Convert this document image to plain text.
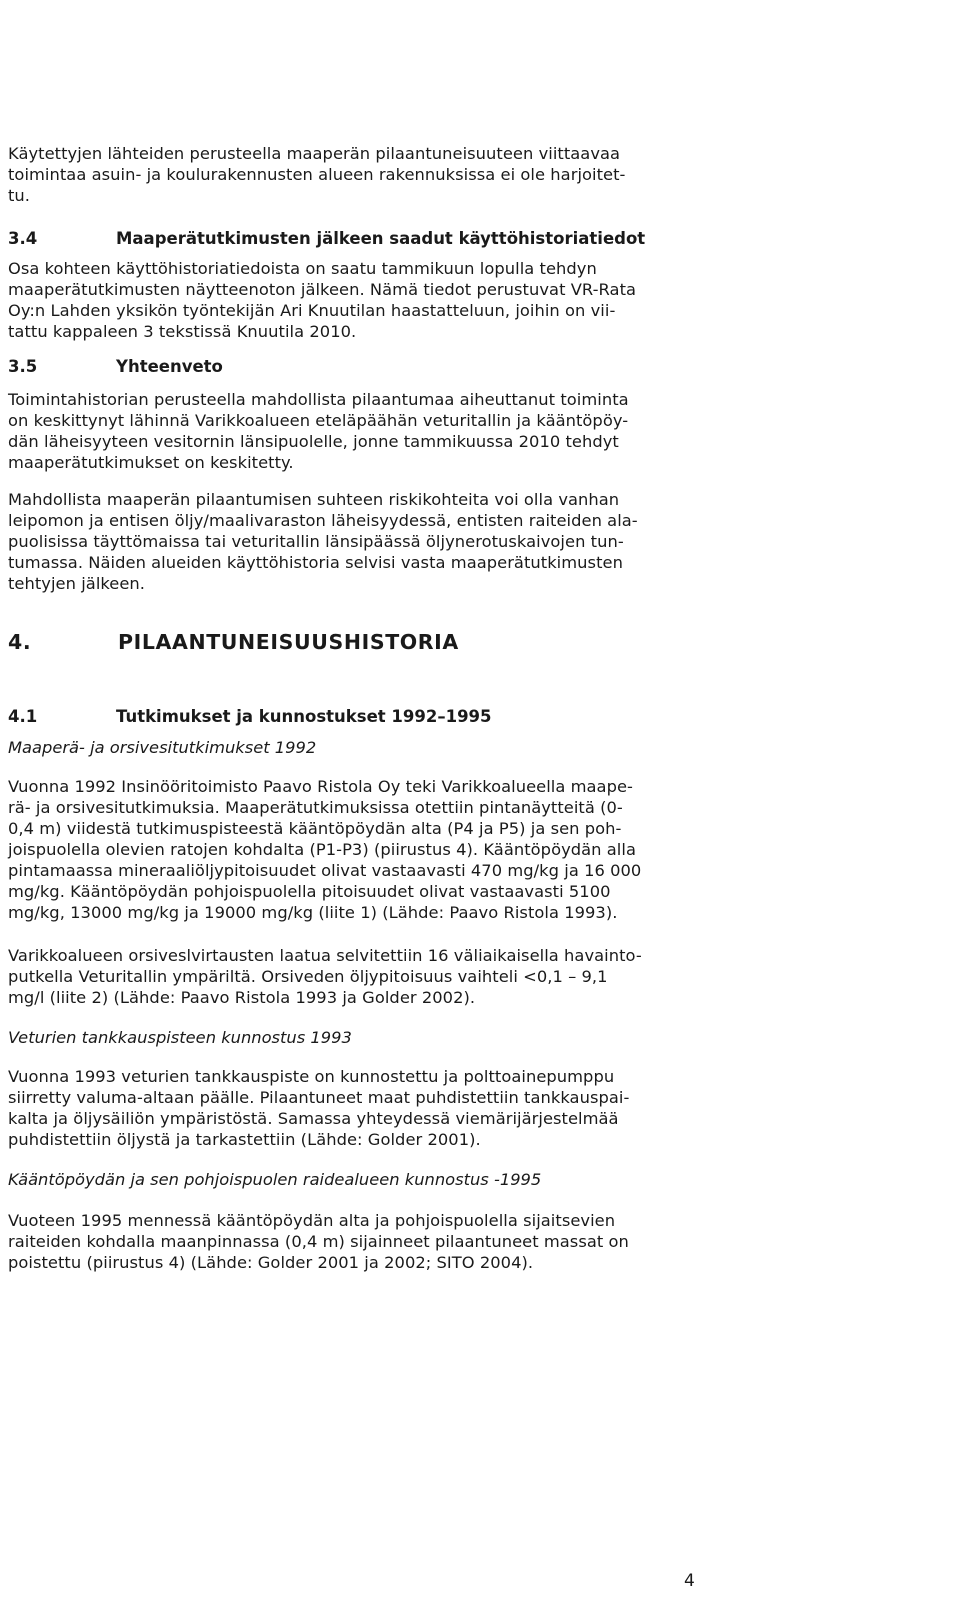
Käytettyjen lähteiden perusteella maaperän pilaantuneisuuteen viittaavaa
toimintaa asuin- ja koulurakennusten alueen rakennuksissa ei ole harjoitet-
tu.
3.4	Maaperätutkimusten jälkeen saadut käyttöhistoriatiedot
Osa kohteen käyttöhistoriatiedoista on saatu tammikuun lopulla tehdyn
maaperätutkimusten näytteenoton jälkeen. Nämä tiedot perustuvat VR-Rata
Oy:n Lahden yksikön työntekijän Ari Knuutilan haastatteluun, joihin on vii-
tattu kappaleen 3 tekstissä Knuutila 2010.
3.5	Yhteenveto
Toimintahistorian perusteella mahdollista pilaantumaa aiheuttanut toiminta
on keskittynyt lähinnä Varikkoalueen eteläpäähän veturitallin ja kääntöpöy-
dän läheisyyteen vesitornin länsipuolelle, jonne tammikuussa 2010 tehdyt
maaperätutkimukset on keskitetty.
Mahdollista maaperän pilaantumisen suhteen riskikohteita voi olla vanhan
leipomon ja entisen öljy/maalivaraston läheisyydessä, entisten raiteiden ala-
puolisissa täyttömaissa tai veturitallin länsipäässä öljynerotuskaivojen tun-
tumassa. Näiden alueiden käyttöhistoria selvisi vasta maaperätutkimusten
tehtyjen jälkeen.
4.	PILAANTUNEISUUSHISTORIA
4.1	Tutkimukset ja kunnostukset 1992–1995
Maaperä- ja orsivesitutkimukset 1992
Vuonna 1992 Insinööritoimisto Paavo Ristola Oy teki Varikkoalueella maape-
rä- ja orsivesitutkimuksia. Maaperätutkimuksissa otettiin pintanäytteitä (0-
0,4 m) viidestä tutkimuspisteestä kääntöpöydän alta (P4 ja P5) ja sen poh-
joispuolella olevien ratojen kohdalta (P1-P3) (piirustus 4). Kääntöpöydän alla
pintamaassa mineraaliöljypitoisuudet olivat vastaavasti 470 mg/kg ja 16 000
mg/kg. Kääntöpöydän pohjoispuolella pitoisuudet olivat vastaavasti 5100
mg/kg, 13000 mg/kg ja 19000 mg/kg (liite 1) (Lähde: Paavo Ristola 1993).
Varikkoalueen orsiveslvirtausten laatua selvitettiin 16 väliaikaisella havainto-
putkella Veturitallin ympäriltä. Orsiveden öljypitoisuus vaihteli <0,1 – 9,1
mg/l (liite 2) (Lähde: Paavo Ristola 1993 ja Golder 2002).
Veturien tankkauspisteen kunnostus 1993
Vuonna 1993 veturien tankkauspiste on kunnostettu ja polttoainepumppu
siirretty valuma-altaan päälle. Pilaantuneet maat puhdistettiin tankkauspai-
kalta ja öljysäiliön ympäristöstä. Samassa yhteydessä viemärijärjestelmää
puhdistettiin öljystä ja tarkastettiin (Lähde: Golder 2001).
Kääntöpöydän ja sen pohjoispuolen raidealueen kunnostus -1995
Vuoteen 1995 mennessä kääntöpöydän alta ja pohjoispuolella sijaitsevien
raiteiden kohdalla maanpinnassa (0,4 m) sijainneet pilaantuneet massat on
poistettu (piirustus 4) (Lähde: Golder 2001 ja 2002; SITO 2004).
4
